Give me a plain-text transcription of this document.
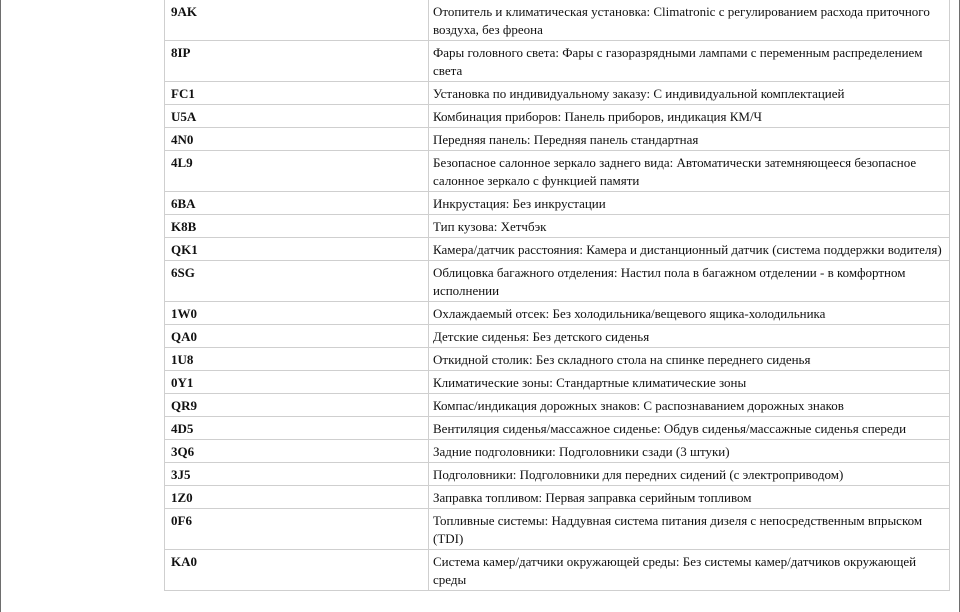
9AK	Отопитель и климатическая установка: Climatronic с регулированием расхода приточного воздуха, без фреона
8IP	Фары головного света: Фары с газоразрядными лампами с переменным распределением света
FC1	Установка по индивидуальному заказу: С индивидуальной комплектацией
U5A	Комбинация приборов: Панель приборов, индикация КМ/Ч
4N0	Передняя панель: Передняя панель стандартная
4L9	Безопасное салонное зеркало заднего вида: Автоматически затемняющееся безопасное салонное зеркало с функцией памяти
6BA	Инкрустация: Без инкрустации
K8B	Тип кузова: Хетчбэк
QK1	Камера/датчик расстояния: Камера и дистанционный датчик (система поддержки водителя)
6SG	Облицовка багажного отделения: Настил пола в багажном отделении - в комфортном исполнении
1W0	Охлаждаемый отсек: Без холодильника/вещевого ящика-холодильника
QA0	Детские сиденья: Без детского сиденья
1U8	Откидной столик: Без складного стола на спинке переднего сиденья
0Y1	Климатические зоны: Стандартные климатические зоны
QR9	Компас/индикация дорожных знаков: С распознаванием дорожных знаков
4D5	Вентиляция сиденья/массажное сиденье: Обдув сиденья/массажные сиденья спереди
3Q6	Задние подголовники: Подголовники сзади (3 штуки)
3J5	Подголовники: Подголовники для передних сидений (с электроприводом)
1Z0	Заправка топливом: Первая заправка серийным топливом
0F6	Топливные системы: Наддувная система питания дизеля с непосредственным впрыском (TDI)
KA0	Система камер/датчики окружающей среды: Без системы камер/датчиков окружающей среды
